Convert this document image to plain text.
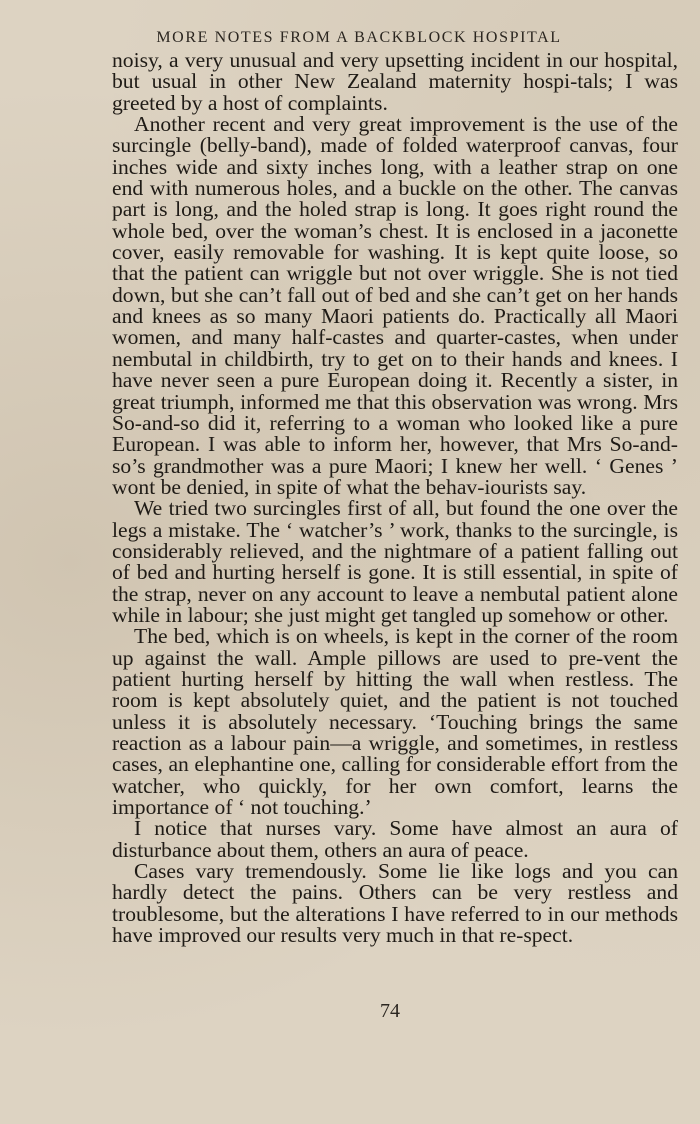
MORE NOTES FROM A BACKBLOCK HOSPITAL

noisy, a very unusual and very upsetting incident in our hospital, but usual in other New Zealand maternity hospi-tals; I was greeted by a host of complaints.

Another recent and very great improvement is the use of the surcingle (belly-band), made of folded waterproof canvas, four inches wide and sixty inches long, with a leather strap on one end with numerous holes, and a buckle on the other. The canvas part is long, and the holed strap is long. It goes right round the whole bed, over the woman’s chest. It is enclosed in a jaconette cover, easily removable for washing. It is kept quite loose, so that the patient can wriggle but not over wriggle. She is not tied down, but she can’t fall out of bed and she can’t get on her hands and knees as so many Maori patients do. Practically all Maori women, and many half-castes and quarter-castes, when under nembutal in childbirth, try to get on to their hands and knees. I have never seen a pure European doing it. Recently a sister, in great triumph, informed me that this observation was wrong. Mrs So-and-so did it, referring to a woman who looked like a pure European. I was able to inform her, however, that Mrs So-and-so’s grandmother was a pure Maori; I knew her well. ‘ Genes ’ wont be denied, in spite of what the behav-iourists say.

We tried two surcingles first of all, but found the one over the legs a mistake. The ‘ watcher’s ’ work, thanks to the surcingle, is considerably relieved, and the nightmare of a patient falling out of bed and hurting herself is gone. It is still essential, in spite of the strap, never on any account to leave a nembutal patient alone while in labour; she just might get tangled up somehow or other.

The bed, which is on wheels, is kept in the corner of the room up against the wall. Ample pillows are used to pre-vent the patient hurting herself by hitting the wall when restless. The room is kept absolutely quiet, and the patient is not touched unless it is absolutely necessary. ‘Touching brings the same reaction as a labour pain—a wriggle, and sometimes, in restless cases, an elephantine one, calling for considerable effort from the watcher, who quickly, for her own comfort, learns the importance of ‘ not touching.’

I notice that nurses vary. Some have almost an aura of disturbance about them, others an aura of peace.

Cases vary tremendously. Some lie like logs and you can hardly detect the pains. Others can be very restless and troublesome, but the alterations I have referred to in our methods have improved our results very much in that re-spect.

74
